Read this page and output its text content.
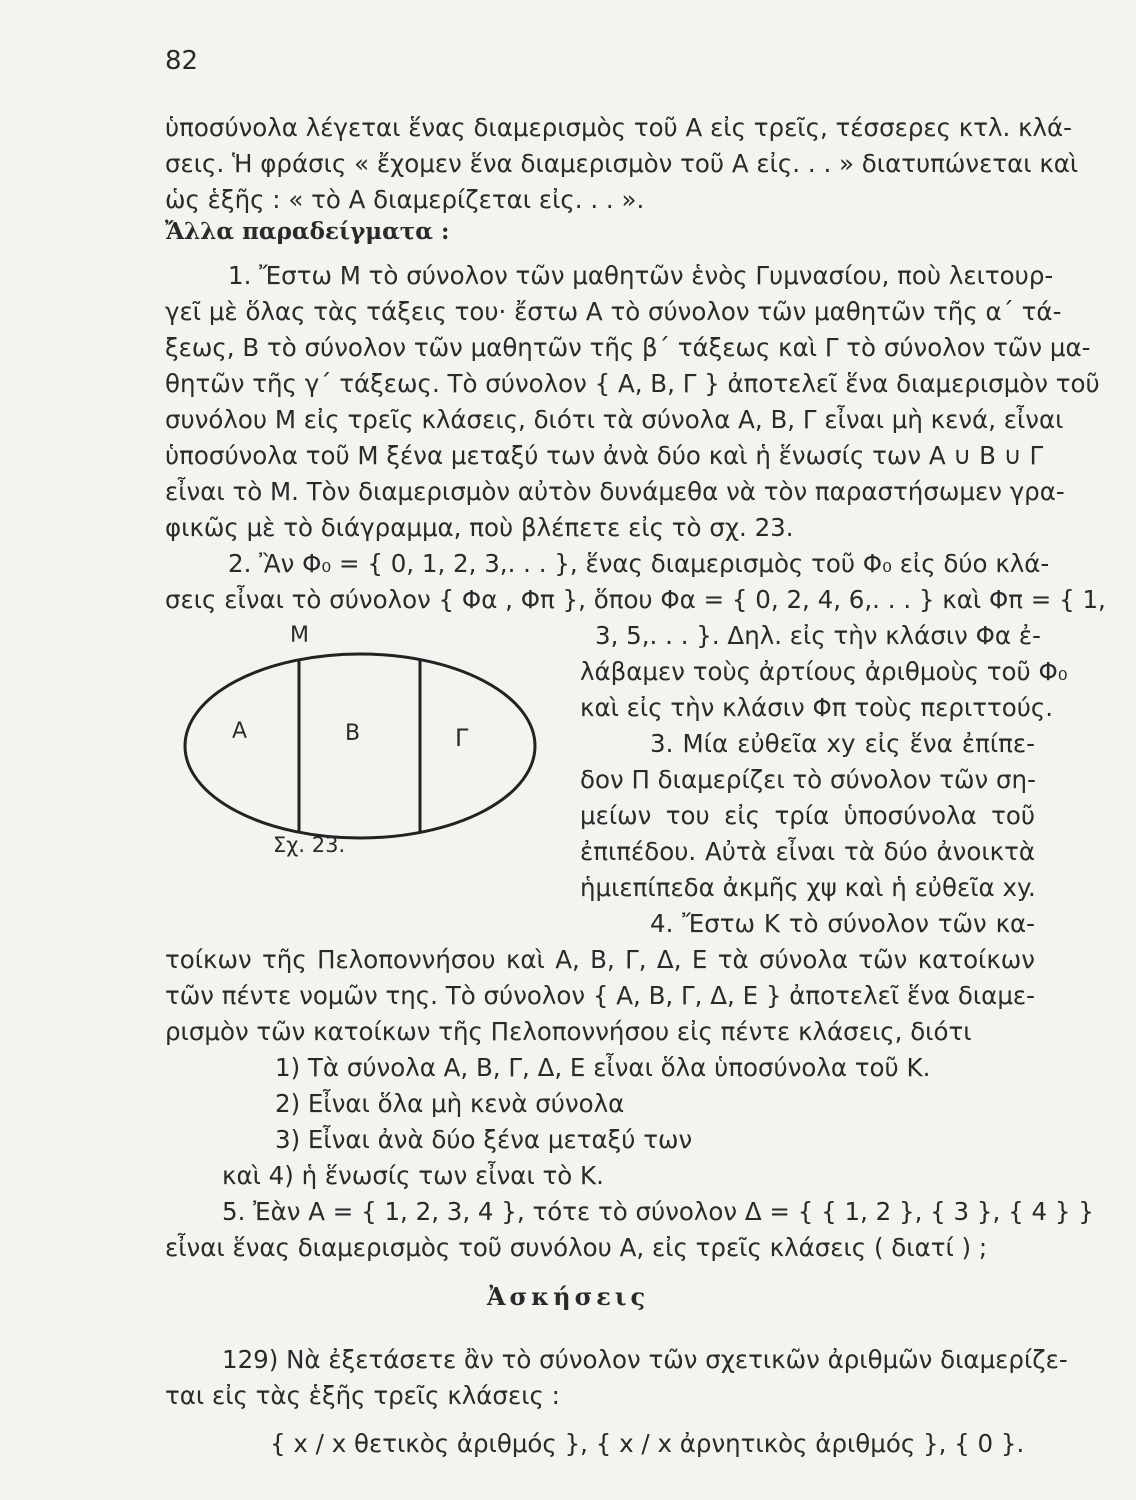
82
ὑποσύνολα λέγεται ἕνας διαμερισμὸς τοῦ Α εἰς τρεῖς, τέσσερες κτλ. κλά-
σεις. Ἡ φράσις « ἔχομεν ἕνα διαμερισμὸν τοῦ Α εἰς. . . » διατυπώνεται καὶ
ὡς ἑξῆς : « τὸ Α διαμερίζεται εἰς. . . ».
Ἄλλα παραδείγματα :
1. Ἔστω Μ τὸ σύνολον τῶν μαθητῶν ἑνὸς Γυμνασίου, ποὺ λειτουρ-
γεῖ μὲ ὅλας τὰς τάξεις του· ἔστω Α τὸ σύνολον τῶν μαθητῶν τῆς α΄ τά-
ξεως, Β τὸ σύνολον τῶν μαθητῶν τῆς β΄ τάξεως καὶ Γ τὸ σύνολον τῶν μα-
θητῶν τῆς γ΄ τάξεως. Τὸ σύνολον { Α, Β, Γ } ἀποτελεῖ ἕνα διαμερισμὸν τοῦ
συνόλου Μ εἰς τρεῖς κλάσεις, διότι τὰ σύνολα Α, Β, Γ εἶναι μὴ κενά, εἶναι
ὑποσύνολα τοῦ Μ ξένα μεταξύ των ἀνὰ δύο καὶ ἡ ἕνωσίς των Α ∪ Β ∪ Γ
εἶναι τὸ Μ. Τὸν διαμερισμὸν αὐτὸν δυνάμεθα νὰ τὸν παραστήσωμεν γρα-
φικῶς μὲ τὸ διάγραμμα, ποὺ βλέπετε εἰς τὸ σχ. 23.
2. Ἂν Φ₀ = { 0, 1, 2, 3,. . . }, ἕνας διαμερισμὸς τοῦ Φ₀ εἰς δύο κλά-
σεις εἶναι τὸ σύνολον { Φα , Φπ }, ὅπου Φα = { 0, 2, 4, 6,. . . } καὶ Φπ = { 1,
3, 5,. . . }. Δηλ. εἰς τὴν κλάσιν Φα ἐ-
λάβαμεν τοὺς ἀρτίους ἀριθμοὺς τοῦ Φ₀
καὶ εἰς τὴν κλάσιν Φπ τοὺς περιττούς.
3. Μία εὐθεῖα xy εἰς ἕνα ἐπίπε-
δον Π διαμερίζει τὸ σύνολον τῶν ση-
μείων του εἰς τρία ὑποσύνολα τοῦ
ἐπιπέδου. Αὐτὰ εἶναι τὰ δύο ἀνοικτὰ
ἡμιεπίπεδα ἀκμῆς χψ καὶ ἡ εὐθεῖα xy.
Μ
Α	Β	Γ
Σχ. 23.
4. Ἔστω Κ τὸ σύνολον τῶν κα-
τοίκων τῆς Πελοποννήσου καὶ Α, Β, Γ, Δ, Ε τὰ σύνολα τῶν κατοίκων
τῶν πέντε νομῶν της. Τὸ σύνολον { Α, Β, Γ, Δ, Ε } ἀποτελεῖ ἕνα διαμε-
ρισμὸν τῶν κατοίκων τῆς Πελοποννήσου εἰς πέντε κλάσεις, διότι
1) Τὰ σύνολα Α, Β, Γ, Δ, Ε εἶναι ὅλα ὑποσύνολα τοῦ Κ.
2) Εἶναι ὅλα μὴ κενὰ σύνολα
3) Εἶναι ἀνὰ δύο ξένα μεταξύ των
καὶ 4) ἡ ἕνωσίς των εἶναι τὸ Κ.
5. Ἐὰν Α = { 1, 2, 3, 4 }, τότε τὸ σύνολον Δ = { { 1, 2 }, { 3 }, { 4 } }
εἶναι ἕνας διαμερισμὸς τοῦ συνόλου Α, εἰς τρεῖς κλάσεις ( διατί ) ;
Ἀσκήσεις
129) Νὰ ἐξετάσετε ἂν τὸ σύνολον τῶν σχετικῶν ἀριθμῶν διαμερίζε-
ται εἰς τὰς ἑξῆς τρεῖς κλάσεις :
{ x / x θετικὸς ἀριθμός }, { x / x ἀρνητικὸς ἀριθμός }, { 0 }.
